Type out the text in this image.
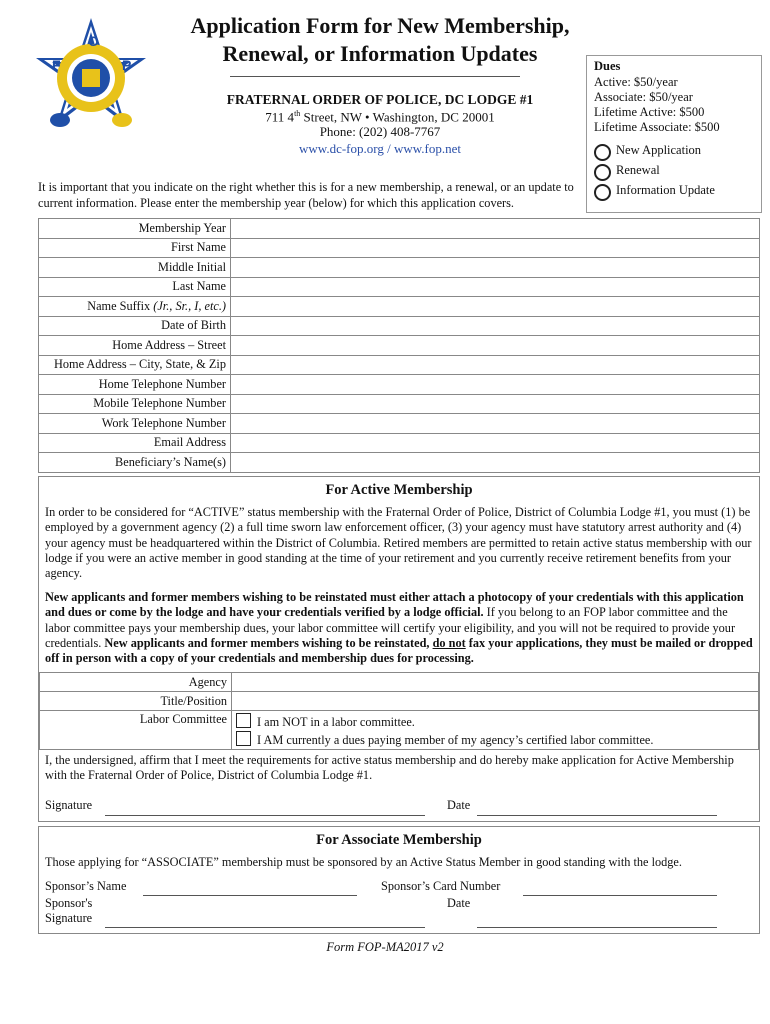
O
F	P
Application Form for New Membership,
Renewal, or Information Updates
FRATERNAL ORDER OF POLICE, DC LODGE #1
711 4th Street, NW • Washington, DC 20001
Phone: (202) 408-7767
www.dc-fop.org / www.fop.net
Dues
Active: $50/year
Associate: $50/year
Lifetime Active: $500
Lifetime Associate: $500
New Application
Renewal
Information Update
It is important that you indicate on the right whether this is for a new membership, a renewal, or an update to current information. Please enter the membership year (below) for which this application covers.
Membership Year	
First Name	
Middle Initial	
Last Name	
Name Suffix (Jr., Sr., I, etc.)	
Date of Birth	
Home Address – Street	
Home Address – City, State, & Zip	
Home Telephone Number	
Mobile Telephone Number	
Work Telephone Number	
Email Address	
Beneficiary’s Name(s)	
For Active Membership
In order to be considered for “ACTIVE” status membership with the Fraternal Order of Police, District of Columbia Lodge #1, you must (1) be employed by a government agency (2) a full time sworn law enforcement officer, (3) your agency must have statutory arrest authority and (4) your agency must be headquartered within the District of Columbia. Retired members are permitted to retain active status membership with our lodge if you were an active member in good standing at the time of your retirement and you currently receive retirement benefits from your agency.
New applicants and former members wishing to be reinstated must either attach a photocopy of your credentials with this application and dues or come by the lodge and have your credentials verified by a lodge official. If you belong to an FOP labor committee and the labor committee pays your membership dues, your labor committee will certify your eligibility, and you will not be required to provide your credentials. New applicants and former members wishing to be reinstated, do not fax your applications, they must be mailed or dropped off in person with a copy of your credentials and membership dues for processing.
Agency	
Title/Position	
Labor Committee	I am NOT in a labor committee.
I AM currently a dues paying member of my agency’s certified labor committee.
I, the undersigned, affirm that I meet the requirements for active status membership and do hereby make application for Active Membership with the Fraternal Order of Police, District of Columbia Lodge #1.
Signature	Date
For Associate Membership
Those applying for “ASSOCIATE” membership must be sponsored by an Active Status Member in good standing with the lodge.
Sponsor’s Name	Sponsor’s Card Number
Sponsor's
Signature
Date
Form FOP-MA2017 v2
